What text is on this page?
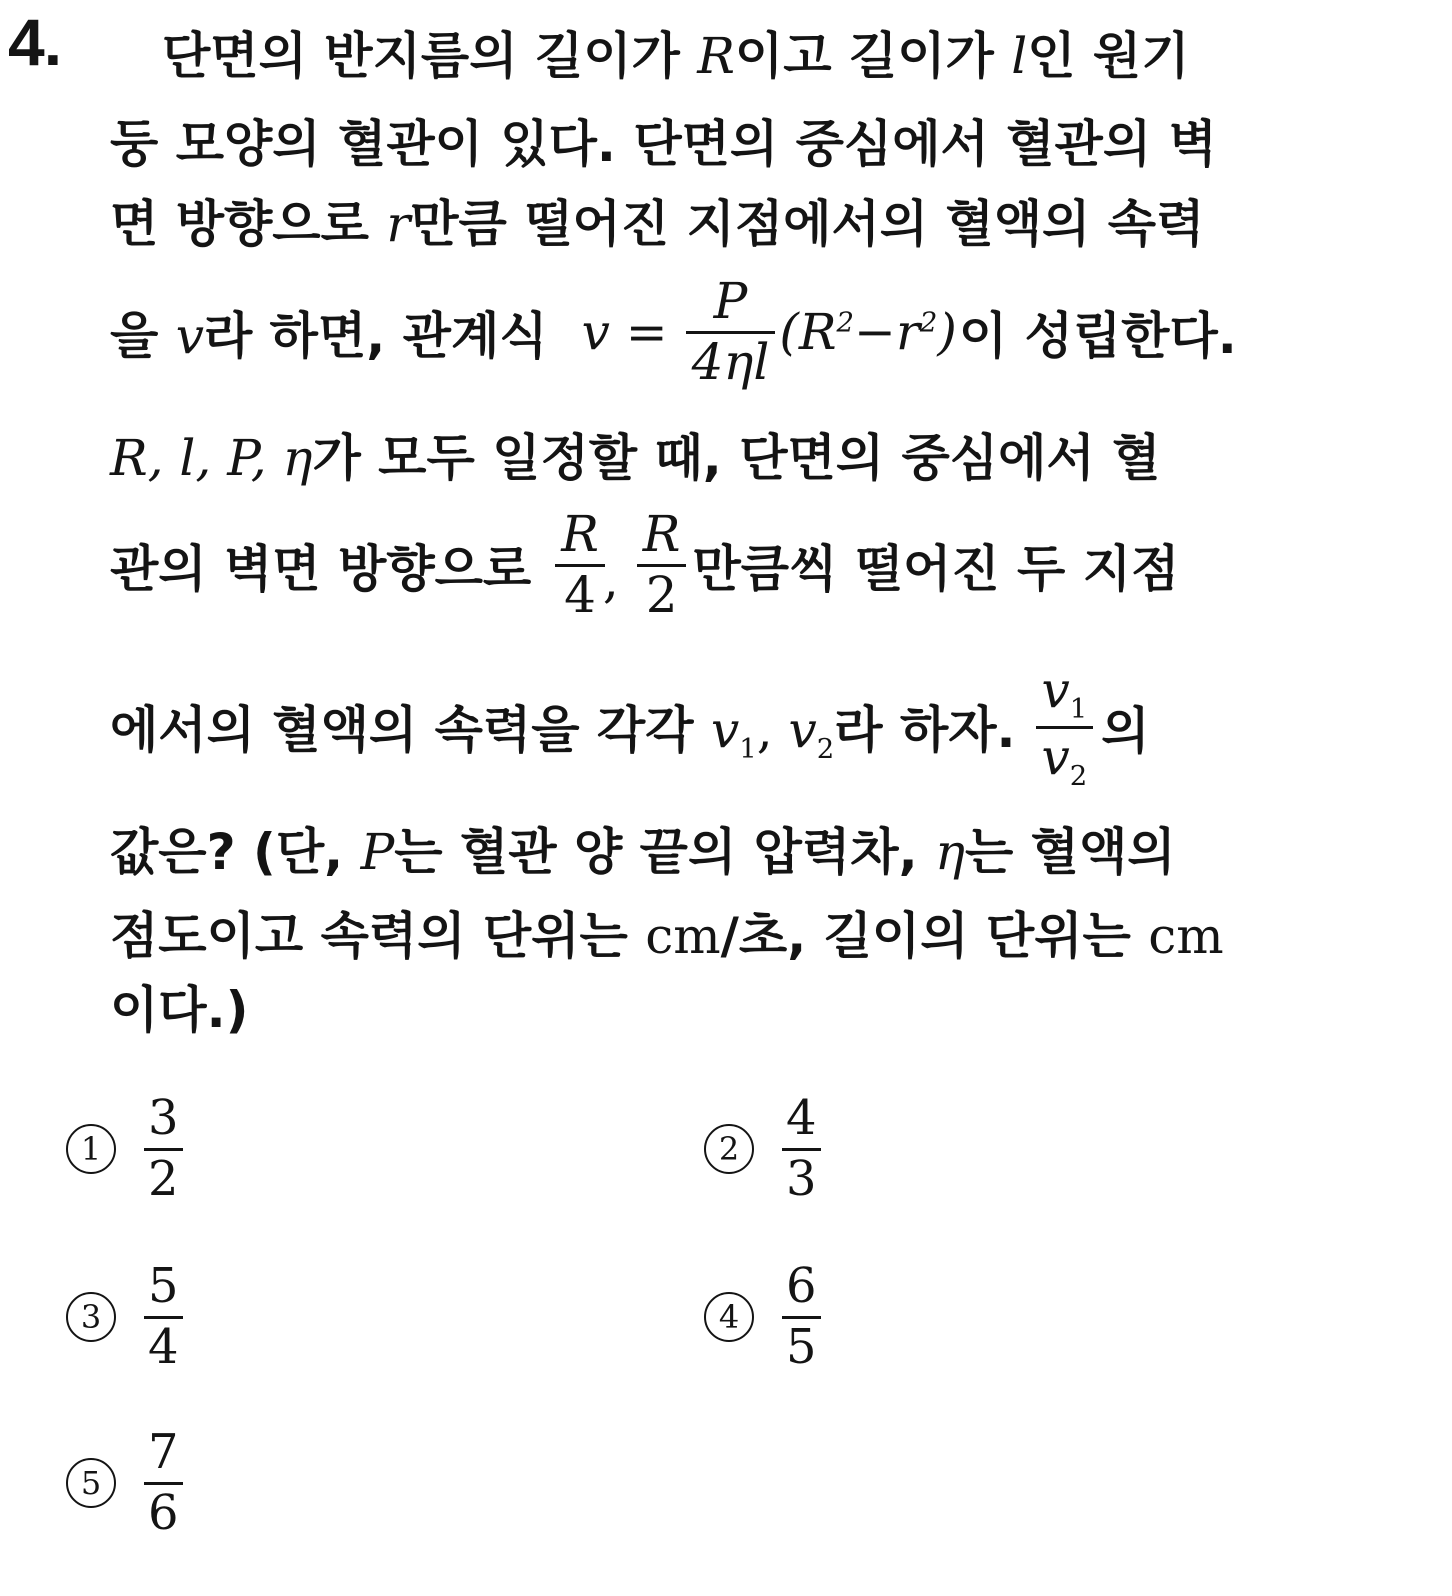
4. 단면의 반지름의 길이가 R이고 길이가 l인 원기
둥 모양의 혈관이 있다. 단면의 중심에서 혈관의 벽
면 방향으로 r만큼 떨어진 지점에서의 혈액의 속력
을 v라 하면, 관계식 $v = \frac{P}{4\eta l} (R^2-r^2)$ 이 성립한다.
R, l, P, η가 모두 일정할 때, 단면의 중심에서 혈
관의 벽면 방향으로 $\frac{R}{4}$
, $\frac{R}{2}$ 만큼씩 떨어진 두 지점
에서의 혈액의 속력을 각각 $v_1$, $v_2$라 하자. $\frac{v_1}{v_2}$ 의
값은? (단, P는 혈관 양 끝의 압력차, η는 혈액의
점도이고 속력의 단위는 cm/초, 길이의 단위는 cm
이다.)
$1 \frac{3}{2}$	$2 \frac{4}{3}$
$3 \frac{5}{4}$	$4 \frac{6}{5}$
$5 \frac{7}{6}$
